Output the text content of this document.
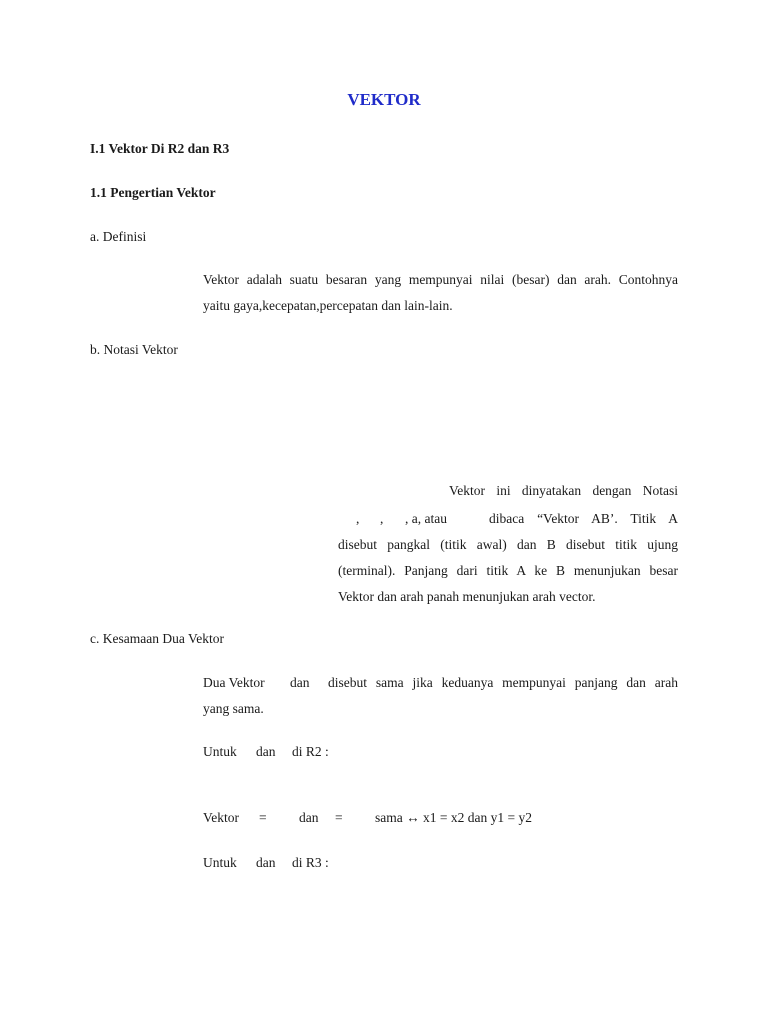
VEKTOR
I.1 Vektor Di R2 dan R3
1.1 Pengertian Vektor
a. Definisi
Vektor adalah suatu besaran yang mempunyai nilai (besar) dan arah. Contohnya
yaitu gaya,kecepatan,percepatan dan lain-lain.
b. Notasi Vektor
Vektor ini dinyatakan dengan Notasi
, , , a, atau	dibaca “Vektor AB’. Titik A
disebut pangkal (titik awal) dan B disebut titik ujung
(terminal). Panjang dari titik A ke B menunjukan besar
Vektor dan arah panah menunjukan arah vector.
c. Kesamaan Dua Vektor
Dua Vektor dan disebut sama jika keduanya mempunyai panjang dan arah
yang sama.
Untuk dan di R2 :
Vektor = dan = sama ↔ x1 = x2 dan y1 = y2
Untuk dan di R3 :
